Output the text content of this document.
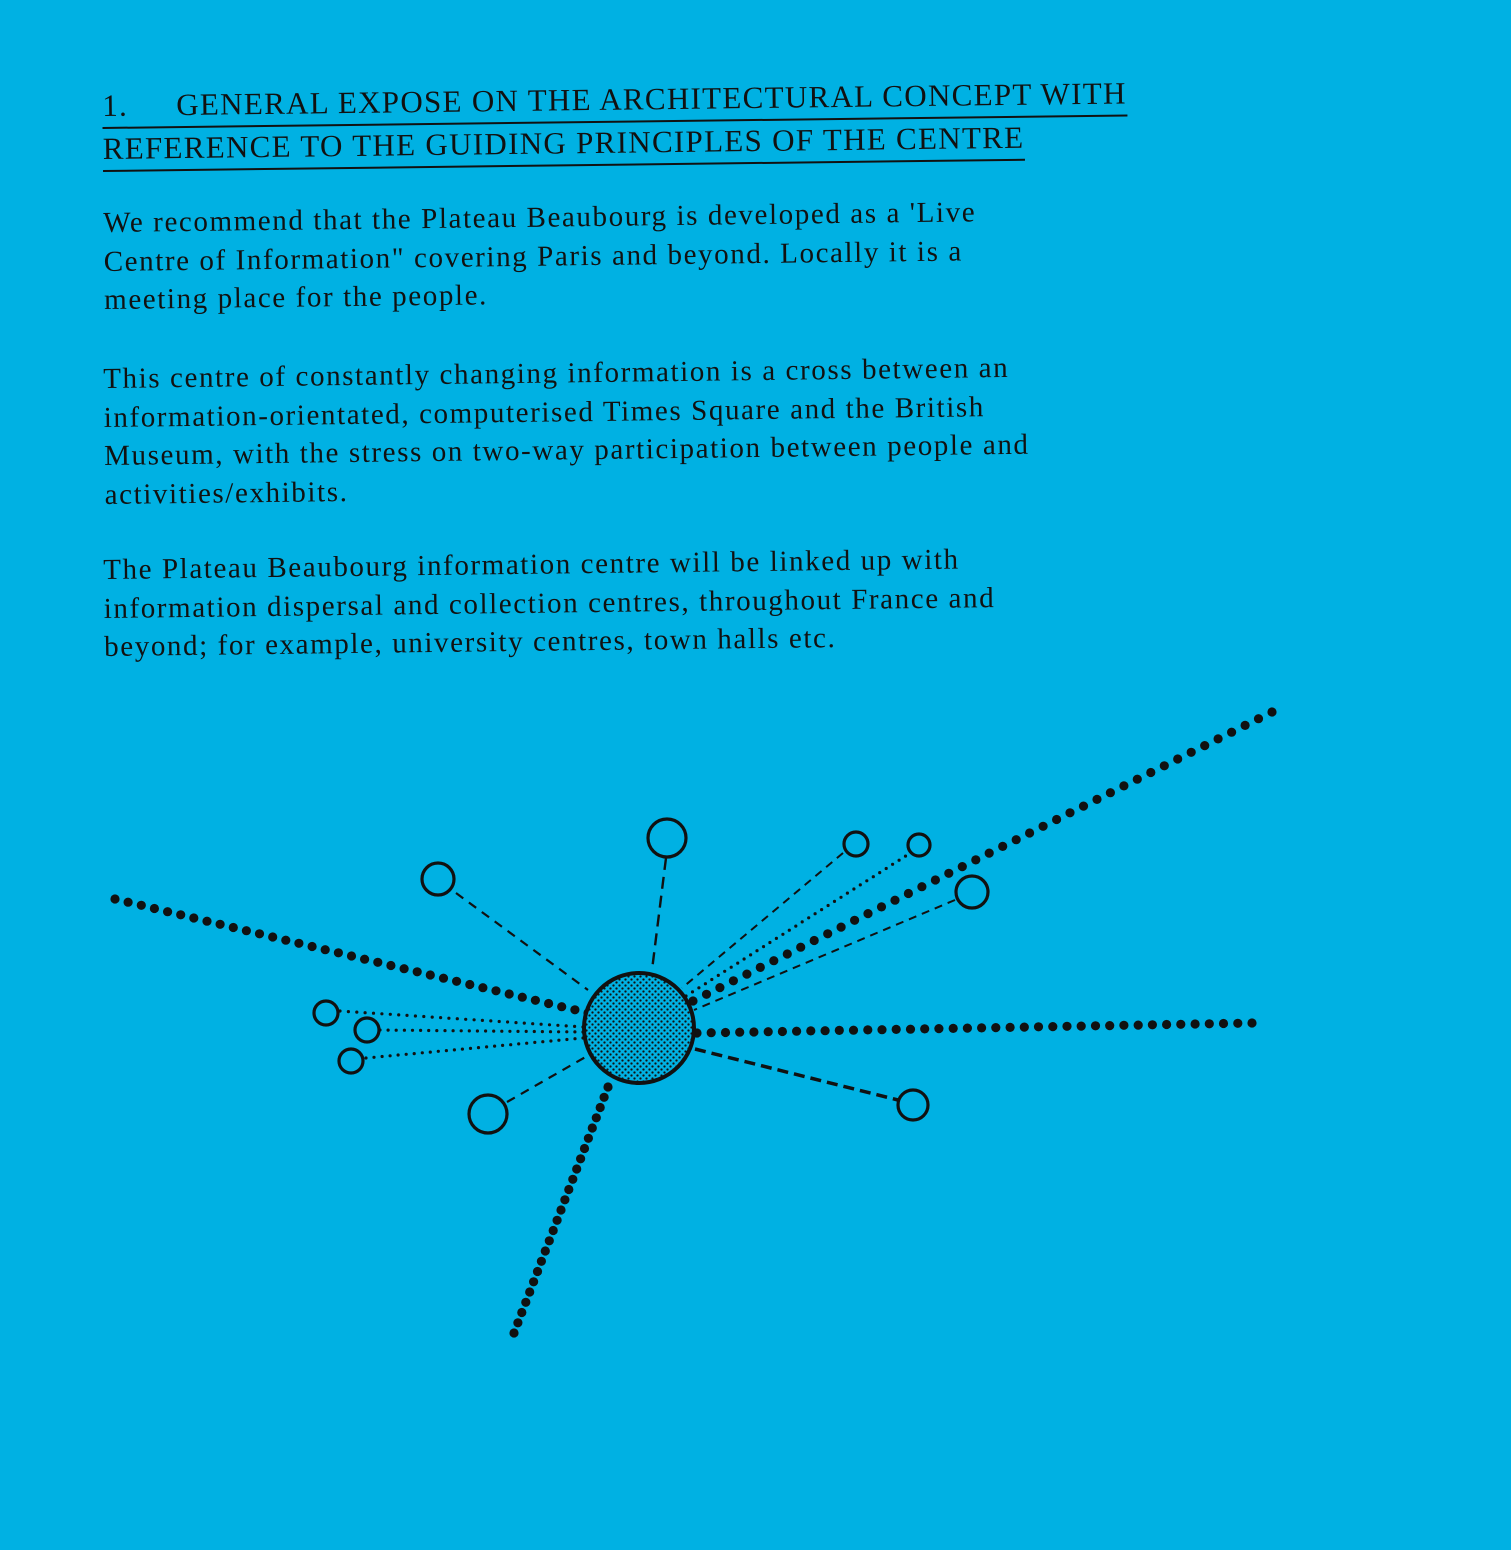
1. GENERAL EXPOSE ON THE ARCHITECTURAL CONCEPT WITH
REFERENCE TO THE GUIDING PRINCIPLES OF THE CENTRE

We recommend that the Plateau Beaubourg is developed as a 'Live
Centre of Information" covering Paris and beyond. Locally it is a
meeting place for the people.

This centre of constantly changing information is a cross between an
information-orientated, computerised Times Square and the British
Museum, with the stress on two-way participation between people and
activities/exhibits.

The Plateau Beaubourg information centre will be linked up with
information dispersal and collection centres, throughout France and
beyond; for example, university centres, town halls etc.
